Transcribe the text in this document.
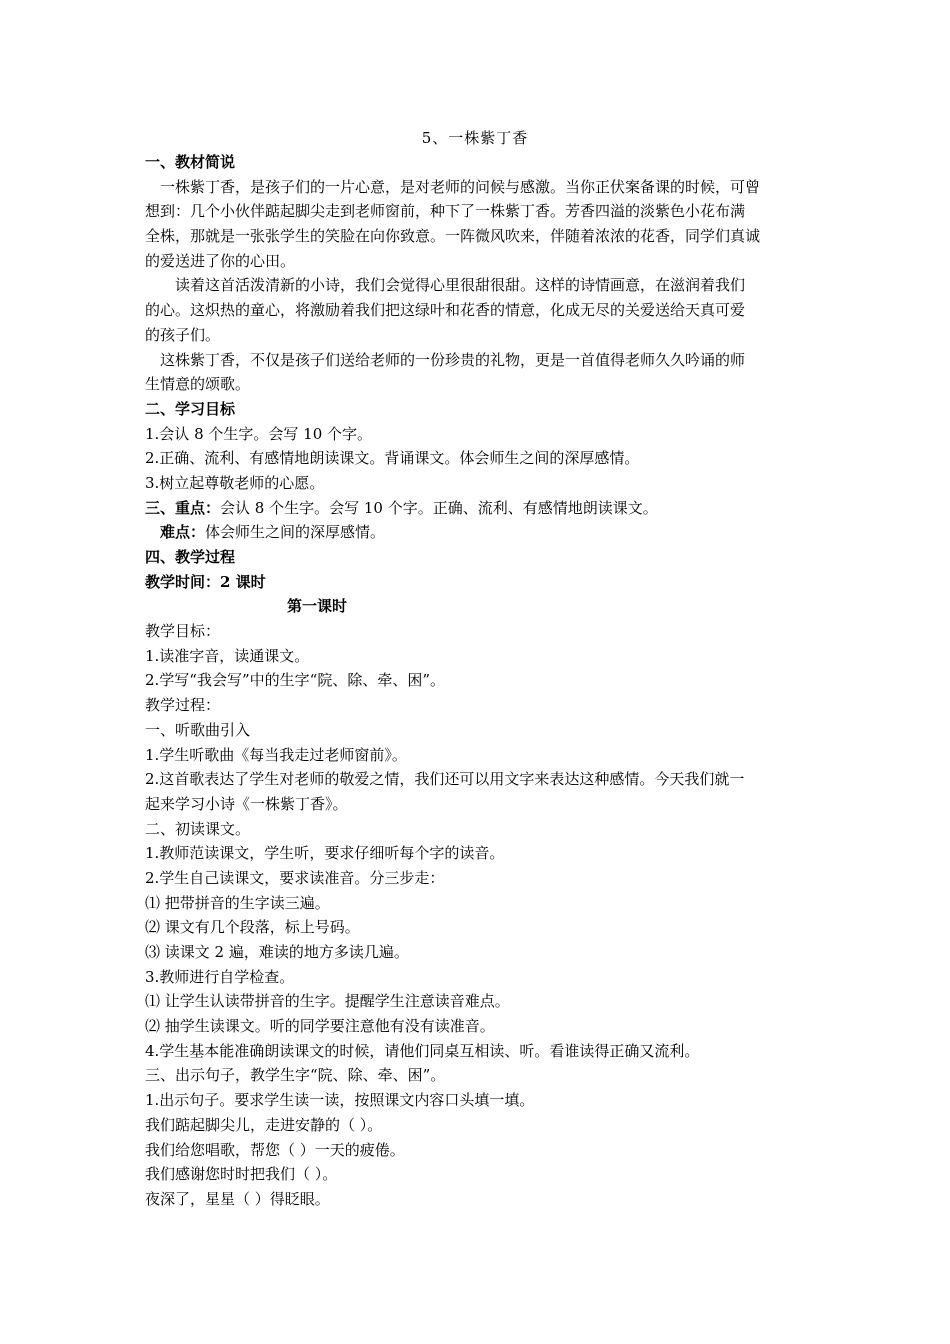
5、一株紫丁香
一、教材简说
一株紫丁香，是孩子们的一片心意，是对老师的问候与感激。当你正伏案备课的时候，可曾
想到：几个小伙伴踮起脚尖走到老师窗前，种下了一株紫丁香。芳香四溢的淡紫色小花布满
全株，那就是一张张学生的笑脸在向你致意。一阵微风吹来，伴随着浓浓的花香，同学们真诚
的爱送进了你的心田。
读着这首活泼清新的小诗，我们会觉得心里很甜很甜。这样的诗情画意，在滋润着我们
的心。这炽热的童心，将激励着我们把这绿叶和花香的情意，化成无尽的关爱送给天真可爱
的孩子们。
这株紫丁香，不仅是孩子们送给老师的一份珍贵的礼物，更是一首值得老师久久吟诵的师
生情意的颂歌。
二、学习目标
1.会认 8 个生字。会写 10 个字。
2.正确、流利、有感情地朗读课文。背诵课文。体会师生之间的深厚感情。
3.树立起尊敬老师的心愿。
三、重点：会认 8 个生字。会写 10 个字。正确、流利、有感情地朗读课文。
难点：体会师生之间的深厚感情。
四、教学过程
教学时间：2 课时
第一课时
教学目标：
1.读准字音，读通课文。
2.学写“我会写”中的生字“院、除、牵、困”。
教学过程：
一、听歌曲引入
1.学生听歌曲《每当我走过老师窗前》。
2.这首歌表达了学生对老师的敬爱之情，我们还可以用文字来表达这种感情。今天我们就一
起来学习小诗《一株紫丁香》。
二、初读课文。
1.教师范读课文，学生听，要求仔细听每个字的读音。
2.学生自己读课文，要求读准音。分三步走：
⑴ 把带拼音的生字读三遍。
⑵ 课文有几个段落，标上号码。
⑶ 读课文 2 遍，难读的地方多读几遍。
3.教师进行自学检查。
⑴ 让学生认读带拼音的生字。提醒学生注意读音难点。
⑵ 抽学生读课文。听的同学要注意他有没有读准音。
4.学生基本能准确朗读课文的时候，请他们同桌互相读、听。看谁读得正确又流利。
三、出示句子，教学生字“院、除、牵、困”。
1.出示句子。要求学生读一读，按照课文内容口头填一填。
我们踮起脚尖儿，走进安静的（ ）。
我们给您唱歌，帮您（ ）一天的疲倦。
我们感谢您时时把我们（ ）。
夜深了，星星（ ）得眨眼。
